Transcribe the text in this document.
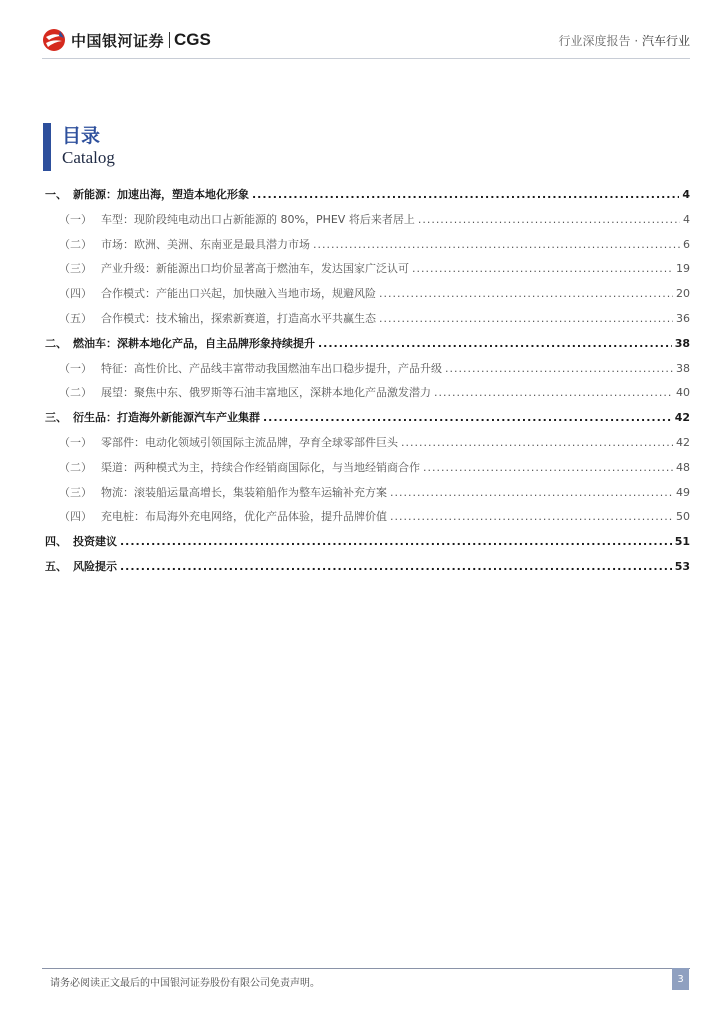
中国银河证券 CGS	行业深度报告 · 汽车行业
目录
Catalog
一、 新能源：加速出海，塑造本地化形象 .....	4
（一） 车型：现阶段纯电动出口占新能源的 80%，PHEV 将后来者居上 .....	4
（二） 市场：欧洲、美洲、东南亚是最具潜力市场 .....	6
（三） 产业升级：新能源出口均价显著高于燃油车，发达国家广泛认可 .....	19
（四） 合作模式：产能出口兴起，加快融入当地市场，规避风险 .....	20
（五） 合作模式：技术输出，探索新赛道，打造高水平共赢生态 .....	36
二、 燃油车：深耕本地化产品，自主品牌形象持续提升 .....	38
（一） 特征：高性价比、产品线丰富带动我国燃油车出口稳步提升，产品升级 .....	38
（二） 展望：聚焦中东、俄罗斯等石油丰富地区，深耕本地化产品激发潜力 .....	40
三、 衍生品：打造海外新能源汽车产业集群 .....	42
（一） 零部件：电动化领域引领国际主流品牌，孕育全球零部件巨头 .....	42
（二） 渠道：两种模式为主，持续合作经销商国际化，与当地经销商合作 .....	48
（三） 物流：滚装船运量高增长，集装箱船作为整车运输补充方案 .....	49
（四） 充电桩：布局海外充电网络，优化产品体验，提升品牌价值 .....	50
四、 投资建议 .....	51
五、 风险提示 .....	53
请务必阅读正文最后的中国银河证券股份有限公司免责声明。	3
